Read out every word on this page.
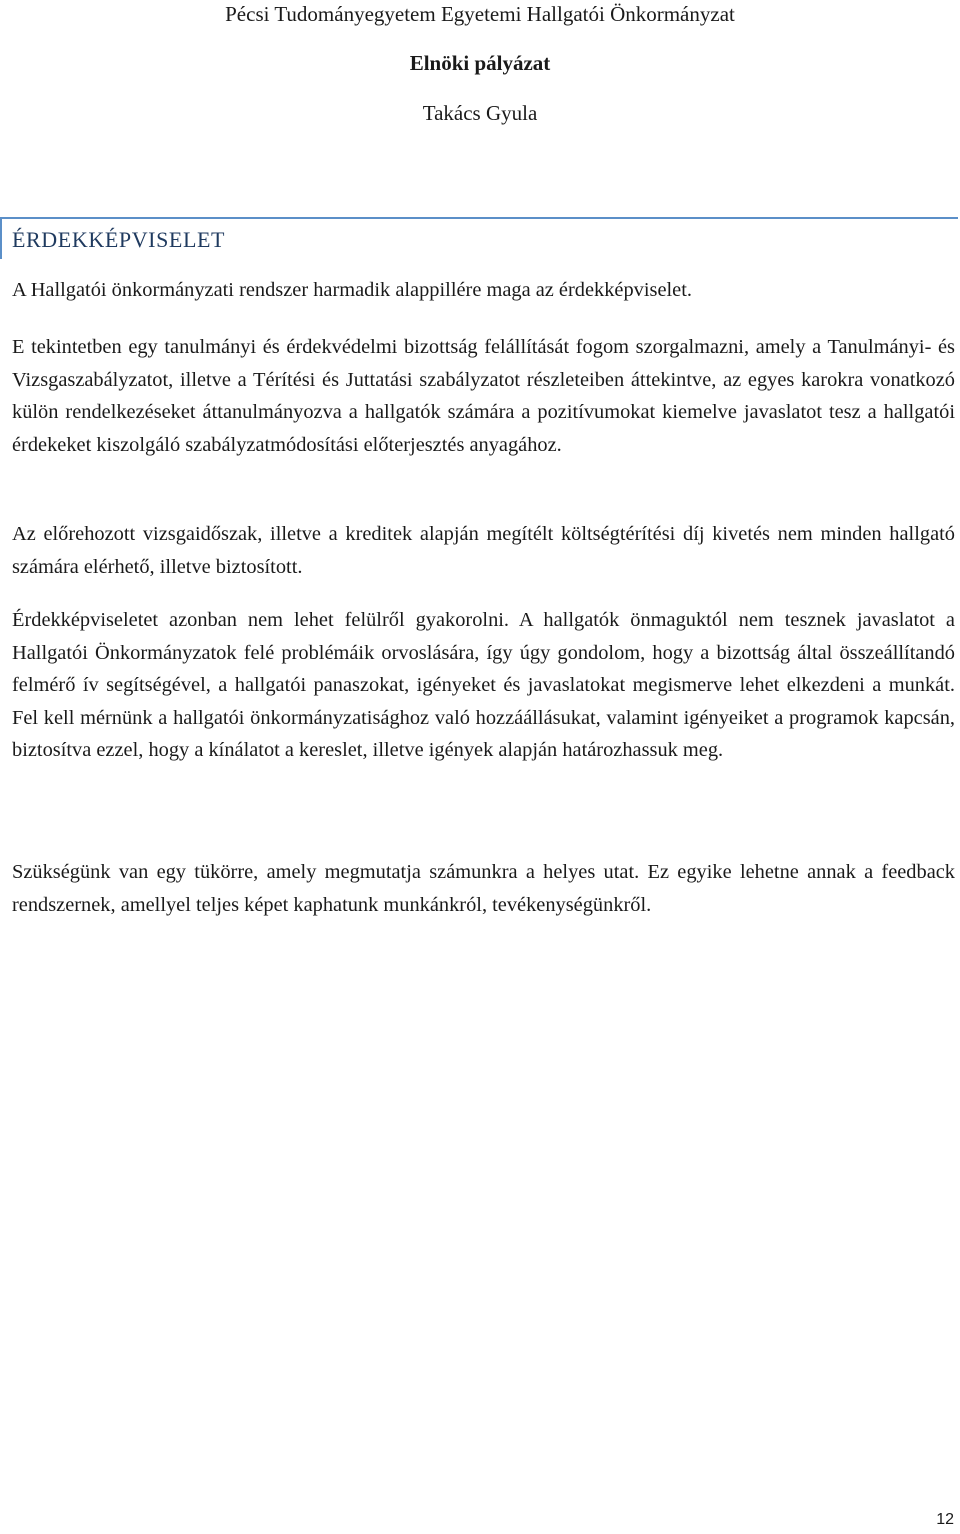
Pécsi Tudományegyetem Egyetemi Hallgatói Önkormányzat
Elnöki pályázat
Takács Gyula
ÉRDEKKÉPVISELET

A Hallgatói önkormányzati rendszer harmadik alappillére maga az érdekképviselet.

E tekintetben egy tanulmányi és érdekvédelmi bizottság felállítását fogom szorgalmazni, amely a Tanulmányi- és Vizsgaszabályzatot, illetve a Térítési és Juttatási szabályzatot részleteiben áttekintve, az egyes karokra vonatkozó külön rendelkezéseket áttanulmányozva a hallgatók számára a pozitívumokat kiemelve javaslatot tesz a hallgatói érdekeket kiszolgáló szabályzatmódosítási előterjesztés anyagához.

Az előrehozott vizsgaidőszak, illetve a kreditek alapján megítélt költségtérítési díj kivetés nem minden hallgató számára elérhető, illetve biztosított.

Érdekképviseletet azonban nem lehet felülről gyakorolni. A hallgatók önmaguktól nem tesznek javaslatot a Hallgatói Önkormányzatok felé problémáik orvoslására, így úgy gondolom, hogy a bizottság által összeállítandó felmérő ív segítségével, a hallgatói panaszokat, igényeket és javaslatokat megismerve lehet elkezdeni a munkát. Fel kell mérnünk a hallgatói önkormányzatisághoz való hozzáállásukat, valamint igényeiket a programok kapcsán, biztosítva ezzel, hogy a kínálatot a kereslet, illetve igények alapján határozhassuk meg.

Szükségünk van egy tükörre, amely megmutatja számunkra a helyes utat. Ez egyike lehetne annak a feedback rendszernek, amellyel teljes képet kaphatunk munkánkról, tevékenységünkről.

12
